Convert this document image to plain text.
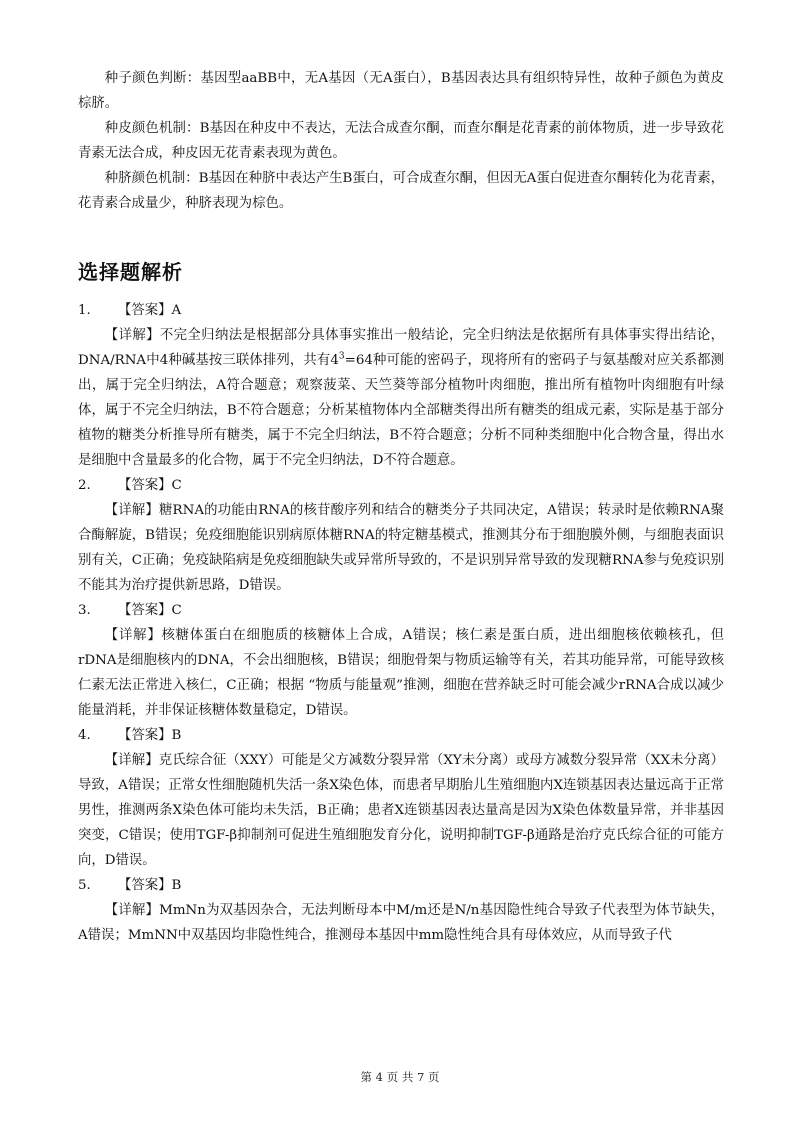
种子颜色判断：基因型aaBB中，无A基因（无A蛋白），B基因表达具有组织特异性，故种子颜色为黄皮棕脐。

种皮颜色机制：B基因在种皮中不表达，无法合成查尔酮，而查尔酮是花青素的前体物质，进一步导致花青素无法合成，种皮因无花青素表现为黄色。

种脐颜色机制：B基因在种脐中表达产生B蛋白，可合成查尔酮，但因无A蛋白促进查尔酮转化为花青素，花青素合成量少，种脐表现为棕色。

选择题解析

1. 【答案】A

【详解】不完全归纳法是根据部分具体事实推出一般结论，完全归纳法是依据所有具体事实得出结论，DNA/RNA中4种碱基按三联体排列，共有$4^3=64$种可能的密码子，现将所有的密码子与氨基酸对应关系都测出，属于完全归纳法，A符合题意；观察菠菜、天竺葵等部分植物叶肉细胞，推出所有植物叶肉细胞有叶绿体，属于不完全归纳法，B不符合题意；分析某植物体内全部糖类得出所有糖类的组成元素，实际是基于部分植物的糖类分析推导所有糖类，属于不完全归纳法，B不符合题意；分析不同种类细胞中化合物含量，得出水是细胞中含量最多的化合物，属于不完全归纳法，D不符合题意。

2. 【答案】C

【详解】糖RNA的功能由RNA的核苷酸序列和结合的糖类分子共同决定，A错误；转录时是依赖RNA聚合酶解旋，B错误；免疫细胞能识别病原体糖RNA的特定糖基模式，推测其分布于细胞膜外侧，与细胞表面识别有关，C正确；免疫缺陷病是免疫细胞缺失或异常所导致的，不是识别异常导致的发现糖RNA参与免疫识别不能其为治疗提供新思路，D错误。

3. 【答案】C

【详解】核糖体蛋白在细胞质的核糖体上合成，A错误；核仁素是蛋白质，进出细胞核依赖核孔，但rDNA是细胞核内的DNA，不会出细胞核，B错误；细胞骨架与物质运输等有关，若其功能异常，可能导致核仁素无法正常进入核仁，C正确；根据 “物质与能量观”推测，细胞在营养缺乏时可能会减少rRNA合成以减少能量消耗，并非保证核糖体数量稳定，D错误。

4. 【答案】B

【详解】克氏综合征（XXY）可能是父方减数分裂异常（XY未分离）或母方减数分裂异常（XX未分离）导致，A错误；正常女性细胞随机失活一条X染色体，而患者早期胎儿生殖细胞内X连锁基因表达量远高于正常男性，推测两条X染色体可能均未失活，B正确；患者X连锁基因表达量高是因为X染色体数量异常，并非基因突变，C错误；使用TGF-β抑制剂可促进生殖细胞发育分化，说明抑制TGF-β通路是治疗克氏综合征的可能方向，D错误。

5. 【答案】B

【详解】MmNn为双基因杂合，无法判断母本中M/m还是N/n基因隐性纯合导致子代表型为体节缺失，A错误；MmNN中双基因均非隐性纯合，推测母本基因中mm隐性纯合具有母体效应，从而导致子代

第 4 页 共 7 页
